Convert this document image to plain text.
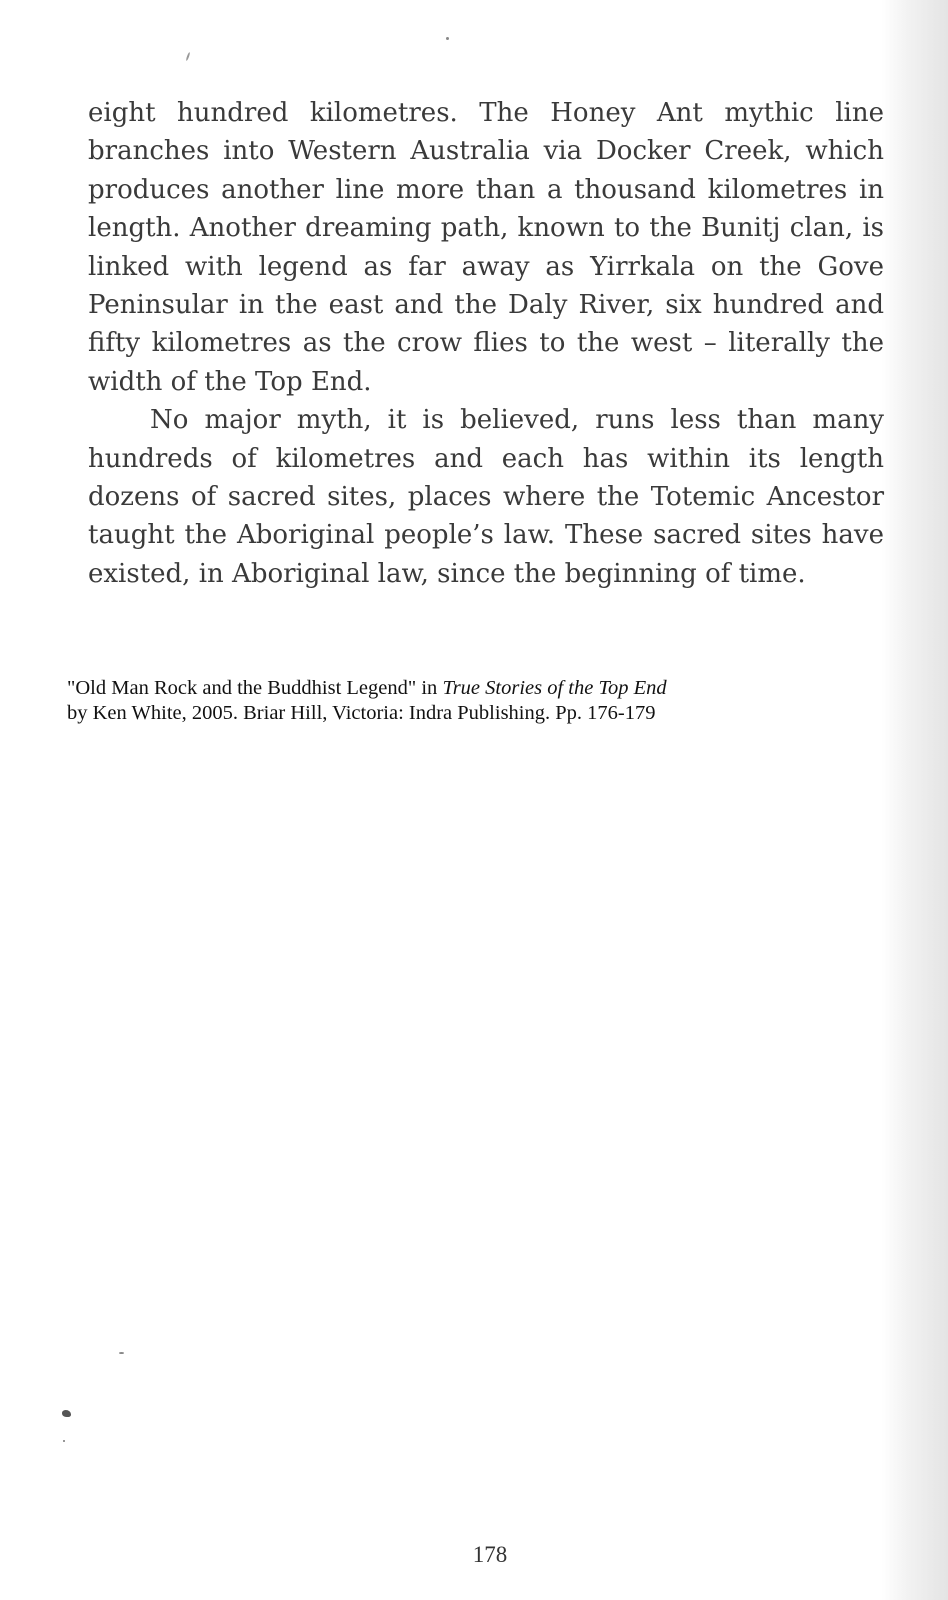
eight hundred kilometres. The Honey Ant mythic line branches into Western Australia via Docker Creek, which produces another line more than a thousand kilometres in length. Another dreaming path, known to the Bunitj clan, is linked with legend as far away as Yirrkala on the Gove Peninsular in the east and the Daly River, six hundred and fifty kilometres as the crow flies to the west – literally the width of the Top End.

No major myth, it is believed, runs less than many hundreds of kilometres and each has within its length dozens of sacred sites, places where the Totemic Ancestor taught the Aboriginal people’s law. These sacred sites have existed, in Aboriginal law, since the beginning of time.

"Old Man Rock and the Buddhist Legend" in True Stories of the Top End
by Ken White, 2005. Briar Hill, Victoria: Indra Publishing. Pp. 176-179
178
